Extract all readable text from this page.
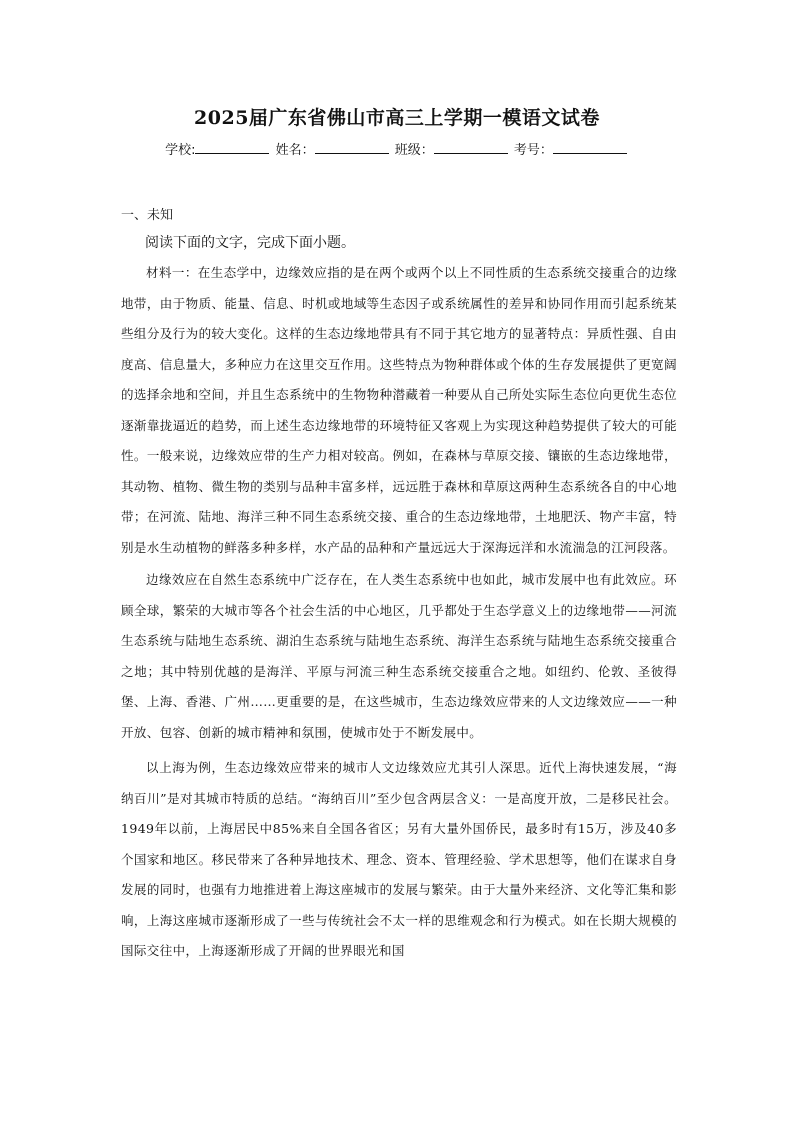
2025届广东省佛山市高三上学期一模语文试卷
学校:	姓名：	班级：	考号：
一、未知
阅读下面的文字，完成下面小题。

材料一：在生态学中，边缘效应指的是在两个或两个以上不同性质的生态系统交接重合的边缘地带，由于物质、能量、信息、时机或地域等生态因子或系统属性的差异和协同作用而引起系统某些组分及行为的较大变化。这样的生态边缘地带具有不同于其它地方的显著特点：异质性强、自由度高、信息量大，多种应力在这里交互作用。这些特点为物种群体或个体的生存发展提供了更宽阔的选择余地和空间，并且生态系统中的生物物种潜藏着一种要从自己所处实际生态位向更优生态位逐渐靠拢逼近的趋势，而上述生态边缘地带的环境特征又客观上为实现这种趋势提供了较大的可能性。一般来说，边缘效应带的生产力相对较高。例如，在森林与草原交接、镶嵌的生态边缘地带，其动物、植物、微生物的类别与品种丰富多样，远远胜于森林和草原这两种生态系统各自的中心地带；在河流、陆地、海洋三种不同生态系统交接、重合的生态边缘地带，土地肥沃、物产丰富，特别是水生动植物的鲜落多种多样，水产品的品种和产量远远大于深海远洋和水流湍急的江河段落。

边缘效应在自然生态系统中广泛存在，在人类生态系统中也如此，城市发展中也有此效应。环顾全球，繁荣的大城市等各个社会生活的中心地区，几乎都处于生态学意义上的边缘地带——河流生态系统与陆地生态系统、湖泊生态系统与陆地生态系统、海洋生态系统与陆地生态系统交接重合之地；其中特别优越的是海洋、平原与河流三种生态系统交接重合之地。如纽约、伦敦、圣彼得堡、上海、香港、广州……更重要的是，在这些城市，生态边缘效应带来的人文边缘效应——一种开放、包容、创新的城市精神和氛围，使城市处于不断发展中。

以上海为例，生态边缘效应带来的城市人文边缘效应尤其引人深思。近代上海快速发展，“海纳百川”是对其城市特质的总结。“海纳百川”至少包含两层含义：一是高度开放，二是移民社会。1949年以前，上海居民中85%来自全国各省区；另有大量外国侨民，最多时有15万，涉及40多个国家和地区。移民带来了各种异地技术、理念、资本、管理经验、学术思想等，他们在谋求自身发展的同时，也强有力地推进着上海这座城市的发展与繁荣。由于大量外来经济、文化等汇集和影响，上海这座城市逐渐形成了一些与传统社会不太一样的思维观念和行为模式。如在长期大规模的国际交往中，上海逐渐形成了开阔的世界眼光和国
